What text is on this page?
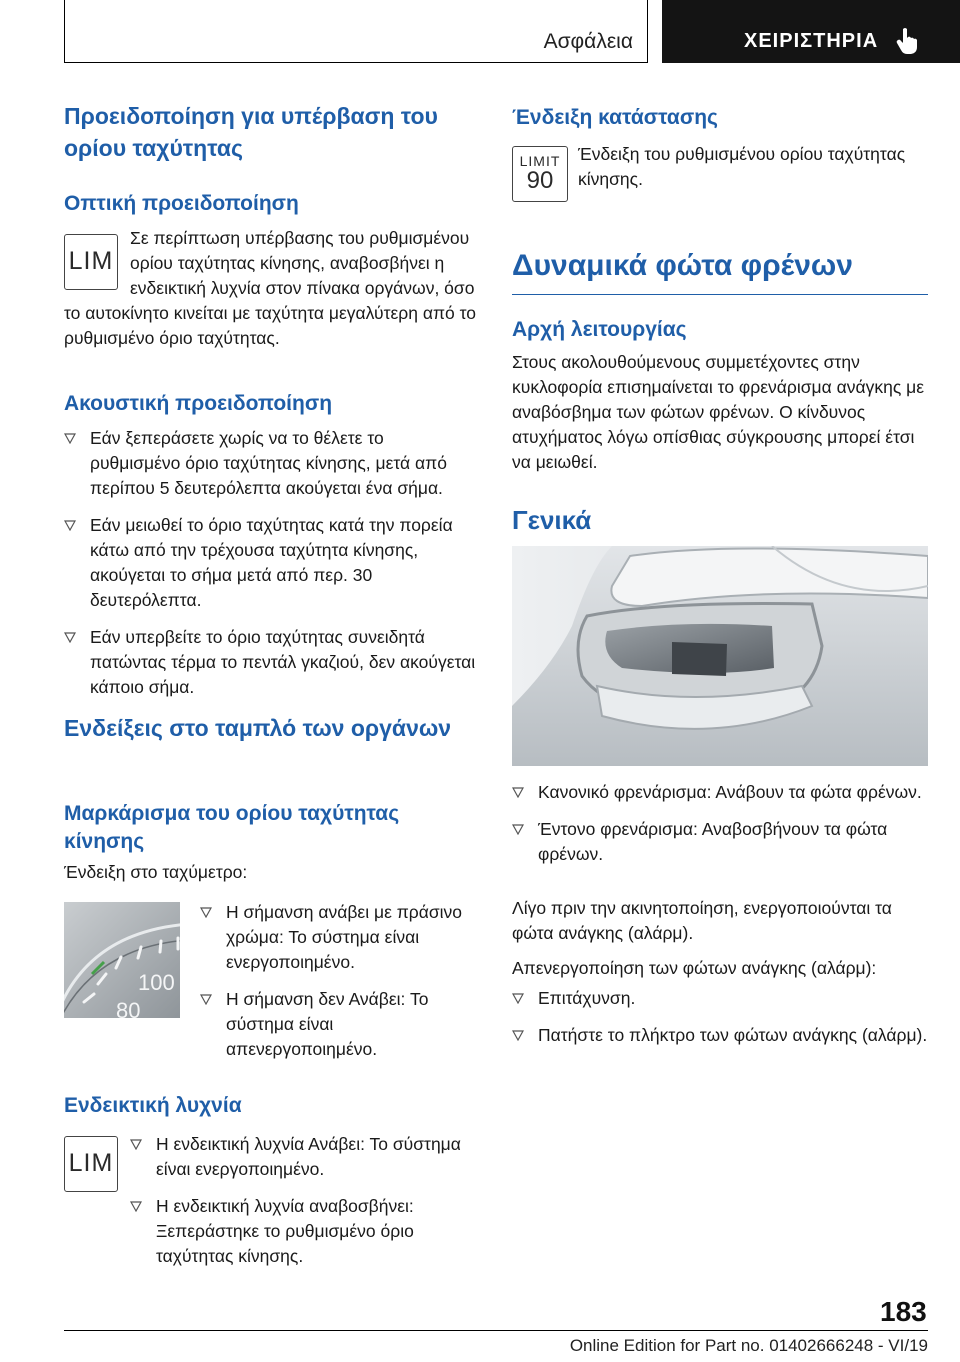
Ασφάλεια	ΧΕΙΡΙΣΤΗΡΙΑ
Προειδοποίηση για υπέρβαση του ορίου ταχύτητας
Οπτική προειδοποίηση
LIM

Σε περίπτωση υπέρβασης του ρυθμισμένου ορίου ταχύτητας κίνησης, αναβοσβήνει η ενδεικτική λυχνία στον πίνακα οργάνων, όσο το αυτοκίνητο κινείται με ταχύτητα μεγαλύτερη από το ρυθμισμένο όριο ταχύτητας.

Ακουστική προειδοποίηση
Εάν ξεπεράσετε χωρίς να το θέλετε το ρυθμισμένο όριο ταχύτητας κίνησης, μετά από περίπου 5 δευτερόλεπτα ακούγεται ένα σήμα.
Εάν μειωθεί το όριο ταχύτητας κατά την πορεία κάτω από την τρέχουσα ταχύτητα κίνησης, ακούγεται το σήμα μετά από περ. 30 δευτερόλεπτα.
Εάν υπερβείτε το όριο ταχύτητας συνειδητά πατώντας τέρμα το πεντάλ γκαζιού, δεν ακούγεται κάποιο σήμα.
Ενδείξεις στο ταμπλό των οργάνων
Μαρκάρισμα του ορίου ταχύτητας κίνησης

Ένδειξη στο ταχύμετρο:

100
80
Η σήμανση ανάβει με πράσινο χρώμα: Το σύστημα είναι ενεργοποιημένο.
Η σήμανση δεν Ανάβει: Το σύστημα είναι απενεργοποιημένο.
Ενδεικτική λυχνία
LIM
Η ενδεικτική λυχνία Ανάβει: Το σύστημα είναι ενεργοποιημένο.
Η ενδεικτική λυχνία αναβοσβήνει: Ξεπεράστηκε το ρυθμισμένο όριο ταχύτητας κίνησης.
Ένδειξη κατάστασης
LIMIT
90

Ένδειξη του ρυθμισμένου ορίου ταχύτητας κίνησης.

Δυναμικά φώτα φρένων
Αρχή λειτουργίας

Στους ακολουθούμενους συμμετέχοντες στην κυκλοφορία επισημαίνεται το φρενάρισμα ανάγκης με αναβόσβημα των φώτων φρένων. Ο κίνδυνος ατυχήματος λόγω οπίσθιας σύγκρουσης μπορεί έτσι να μειωθεί.

Γενικά
Κανονικό φρενάρισμα: Ανάβουν τα φώτα φρένων.
Έντονο φρενάρισμα: Αναβοσβήνουν τα φώτα φρένων.

Λίγο πριν την ακινητοποίηση, ενεργοποιούνται τα φώτα ανάγκης (αλάρμ).

Απενεργοποίηση των φώτων ανάγκης (αλάρμ):

Επιτάχυνση.
Πατήστε το πλήκτρο των φώτων ανάγκης (αλάρμ).
183
Online Edition for Part no. 01402666248 - VI/19
